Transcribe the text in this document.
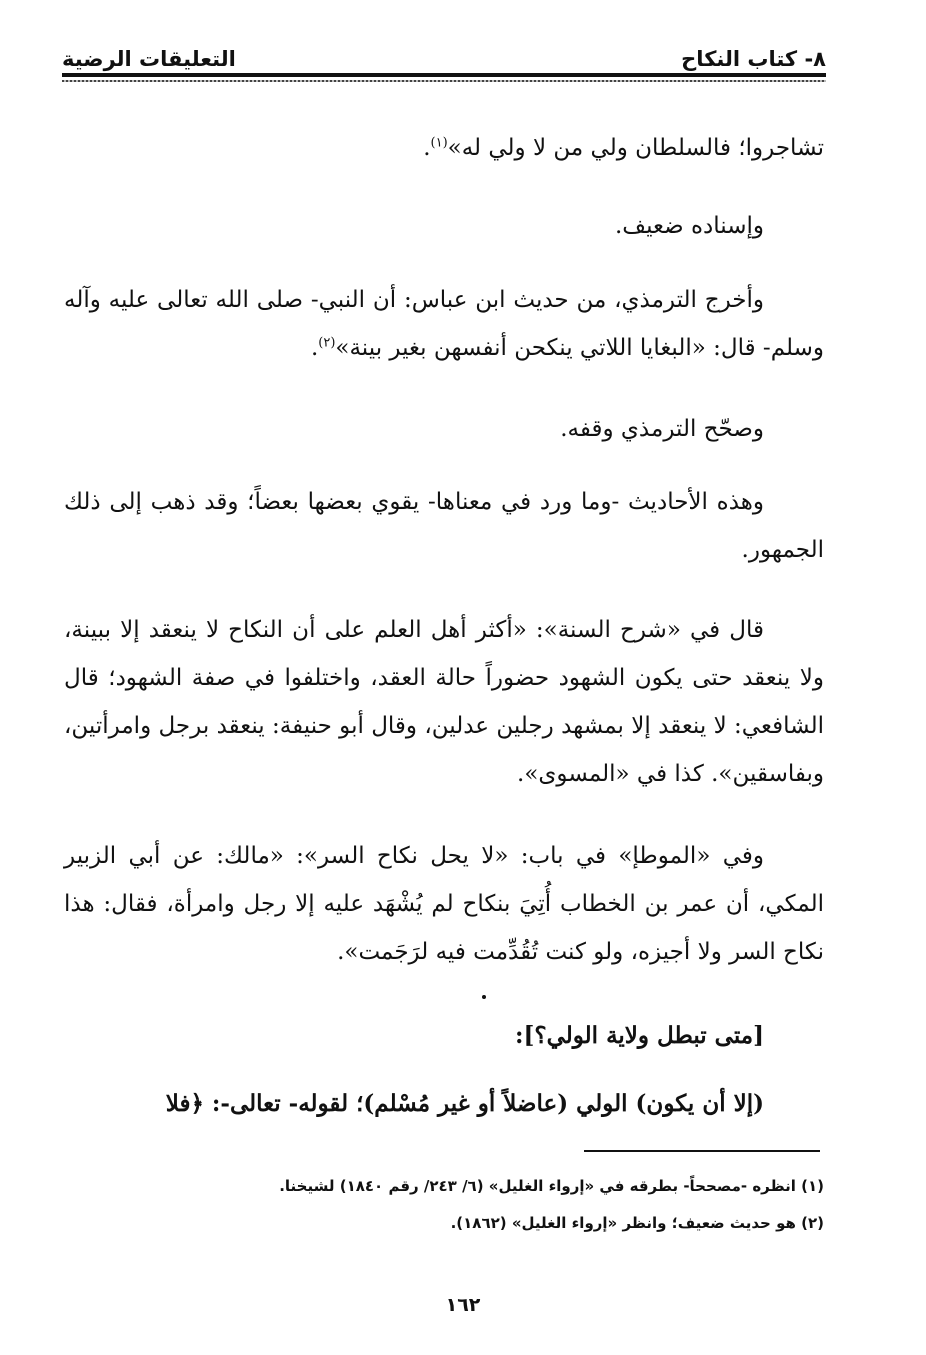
٨- كتاب النكاح
التعليقات الرضية

تشاجروا؛ فالسلطان ولي من لا ولي له»$^{(١)}$.

وإسناده ضعيف.

وأخرج الترمذي، من حديث ابن عباس: أن النبي- صلى الله تعالى عليه وآله وسلم- قال: «البغايا اللاتي ينكحن أنفسهن بغير بينة»$^{(٢)}$.

وصحّح الترمذي وقفه.

وهذه الأحاديث -وما ورد في معناها- يقوي بعضها بعضاً؛ وقد ذهب إلى ذلك الجمهور.

قال في «شرح السنة»: «أكثر أهل العلم على أن النكاح لا ينعقد إلا ببينة، ولا ينعقد حتى يكون الشهود حضوراً حالة العقد، واختلفوا في صفة الشهود؛ قال الشافعي: لا ينعقد إلا بمشهد رجلين عدلين، وقال أبو حنيفة: ينعقد برجل وامرأتين، وبفاسقين». كذا في «المسوى».

وفي «الموطإ» في باب: «لا يحل نكاح السر»: «مالك: عن أبي الزبير المكي، أن عمر بن الخطاب أُتِيَ بنكاح لم يُشْهَد عليه إلا رجل وامرأة، فقال: هذا نكاح السر ولا أجيزه، ولو كنت تُقُدِّمت فيه لرَجَمت».

[متى تبطل ولاية الولي؟]:

(إلا أن يكون) الولي (عاضلاً أو غير مُسْلم)؛ لقوله- تعالى-: ﴿فلا

(١) انظره -مصححاً- بطرقه في «إرواء الغليل» (٦/ ٢٤٣/ رقم ١٨٤٠) لشيخنا.

(٢) هو حديث ضعيف؛ وانظر «إرواء الغليل» (١٨٦٢).

١٦٢
